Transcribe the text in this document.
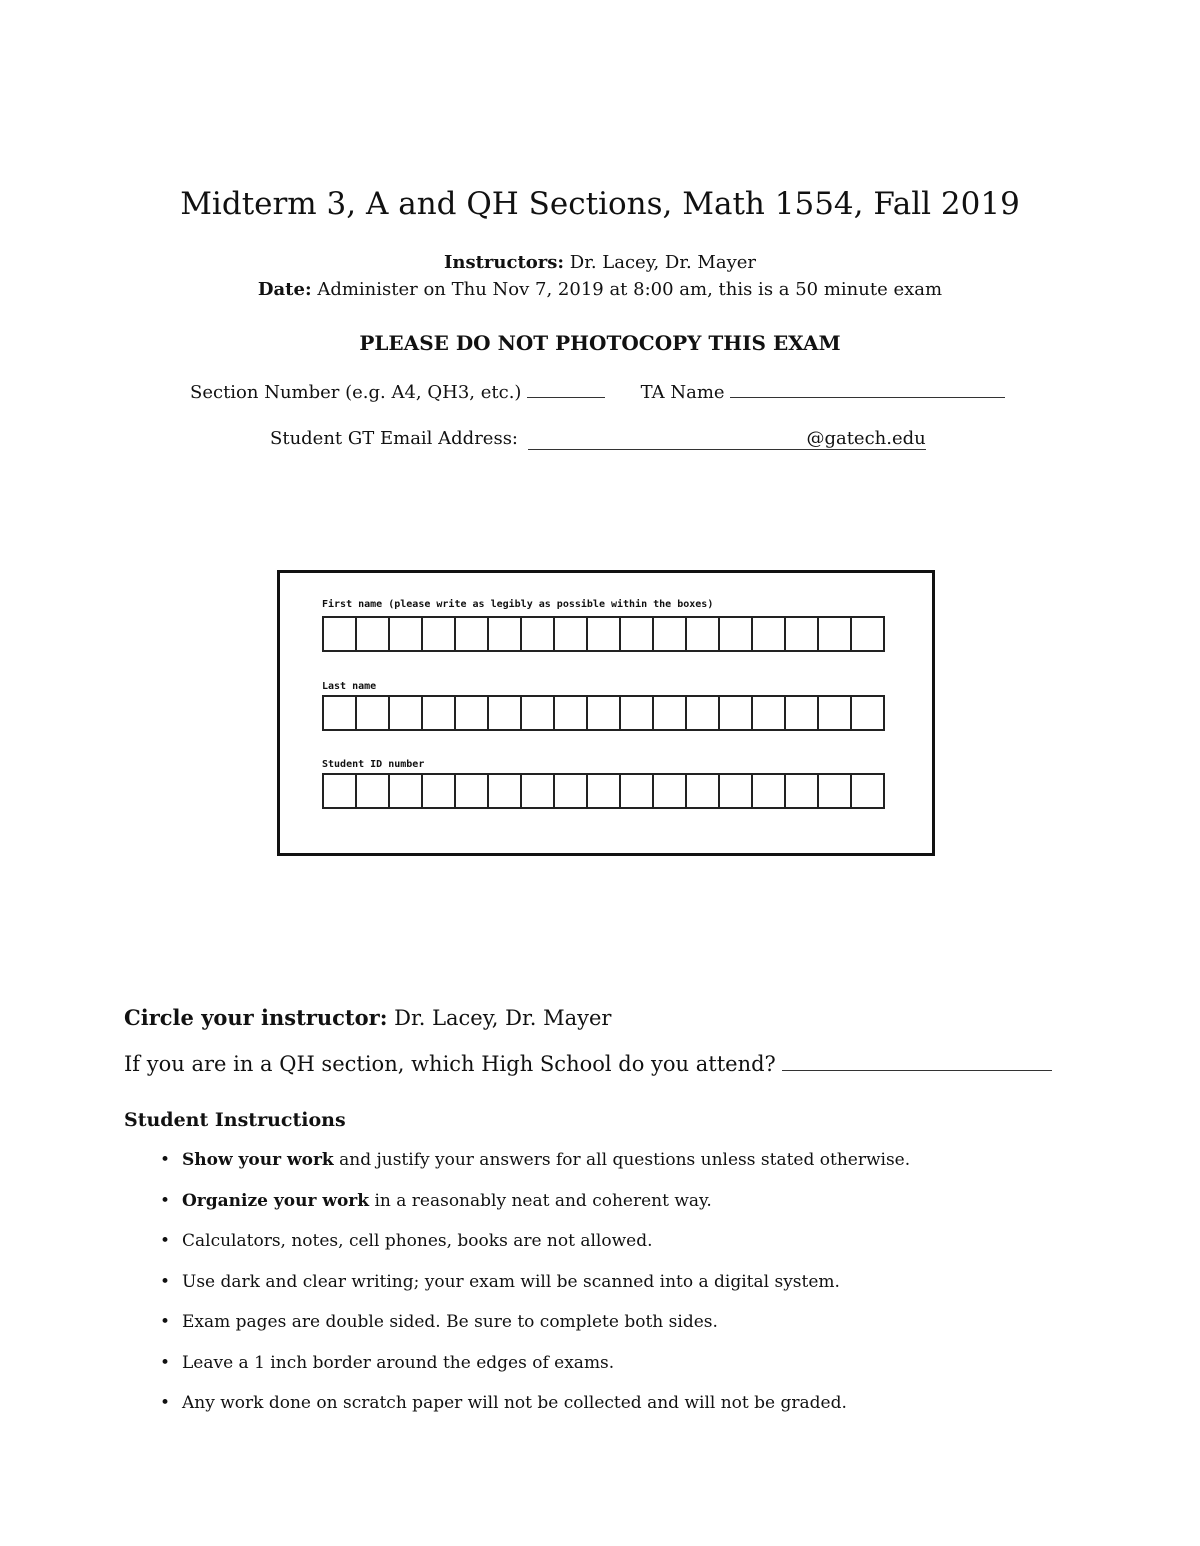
Midterm 3, A and QH Sections, Math 1554, Fall 2019
Instructors: Dr. Lacey, Dr. Mayer
Date: Administer on Thu Nov 7, 2019 at 8:00 am, this is a 50 minute exam
PLEASE DO NOT PHOTOCOPY THIS EXAM
Section Number (e.g. A4, QH3, etc.)	TA Name
Student GT Email Address:	@gatech.edu
First name (please write as legibly as possible within the boxes)
Last name
Student ID number
Circle your instructor: Dr. Lacey, Dr. Mayer
If you are in a QH section, which High School do you attend?
Student Instructions
• Show your work and justify your answers for all questions unless stated otherwise.
• Organize your work in a reasonably neat and coherent way.
• Calculators, notes, cell phones, books are not allowed.
• Use dark and clear writing; your exam will be scanned into a digital system.
• Exam pages are double sided. Be sure to complete both sides.
• Leave a 1 inch border around the edges of exams.
• Any work done on scratch paper will not be collected and will not be graded.
